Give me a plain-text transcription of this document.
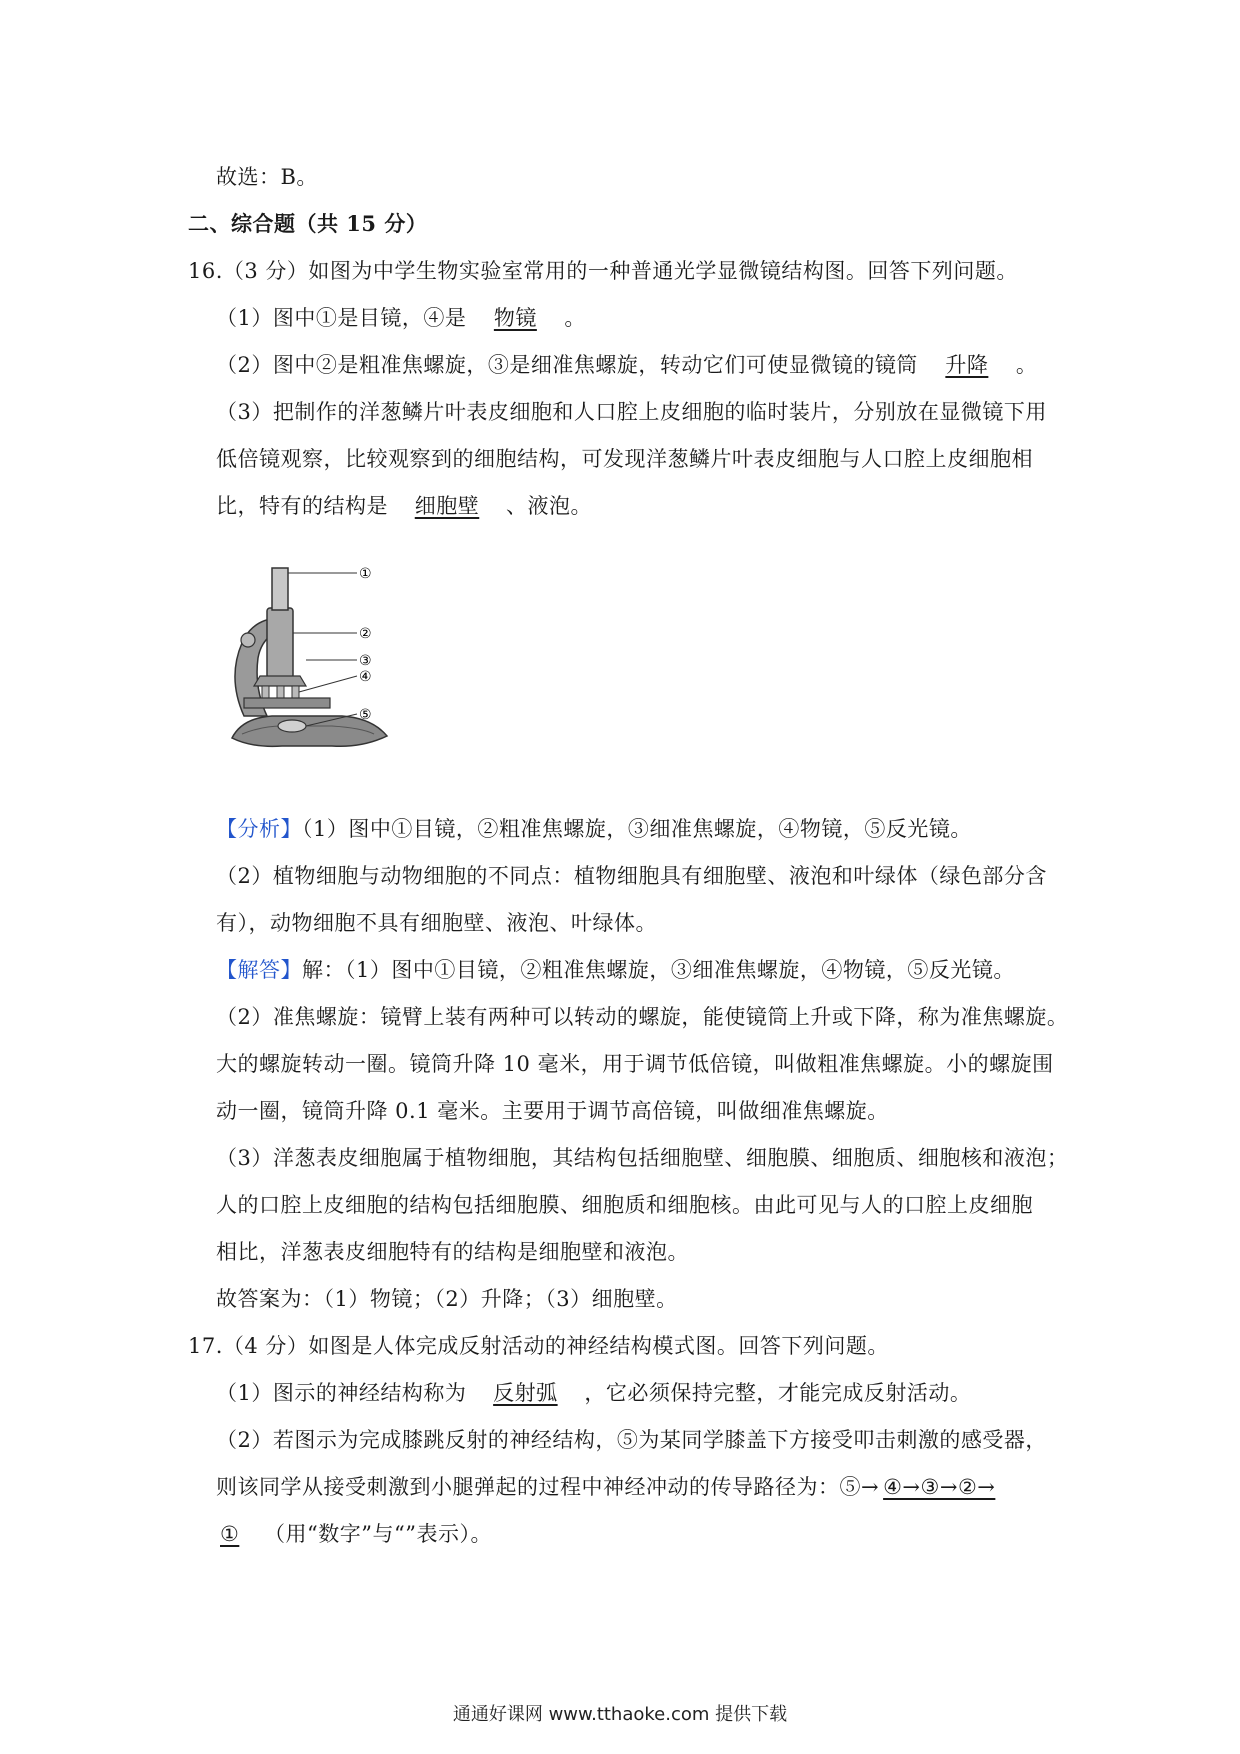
故选：B。
二、综合题（共 15 分）
16.（3 分）如图为中学生物实验室常用的一种普通光学显微镜结构图。回答下列问题。
（1）图中①是目镜，④是 物镜 。
（2）图中②是粗准焦螺旋，③是细准焦螺旋，转动它们可使显微镜的镜筒 升降 。
（3）把制作的洋葱鳞片叶表皮细胞和人口腔上皮细胞的临时装片，分别放在显微镜下用
低倍镜观察，比较观察到的细胞结构，可发现洋葱鳞片叶表皮细胞与人口腔上皮细胞相
比，特有的结构是 细胞壁 、液泡。
①
②
③
④
⑤
【分析】（1）图中①目镜，②粗准焦螺旋，③细准焦螺旋，④物镜，⑤反光镜。
（2）植物细胞与动物细胞的不同点：植物细胞具有细胞壁、液泡和叶绿体（绿色部分含
有），动物细胞不具有细胞壁、液泡、叶绿体。
【解答】解：（1）图中①目镜，②粗准焦螺旋，③细准焦螺旋，④物镜，⑤反光镜。
（2）准焦螺旋：镜臂上装有两种可以转动的螺旋，能使镜筒上升或下降，称为准焦螺旋。
大的螺旋转动一圈。镜筒升降 10 毫米，用于调节低倍镜，叫做粗准焦螺旋。小的螺旋围
动一圈，镜筒升降 0.1 毫米。主要用于调节高倍镜，叫做细准焦螺旋。
（3）洋葱表皮细胞属于植物细胞，其结构包括细胞壁、细胞膜、细胞质、细胞核和液泡；
人的口腔上皮细胞的结构包括细胞膜、细胞质和细胞核。由此可见与人的口腔上皮细胞
相比，洋葱表皮细胞特有的结构是细胞壁和液泡。
故答案为：（1）物镜；（2）升降；（3）细胞壁。
17.（4 分）如图是人体完成反射活动的神经结构模式图。回答下列问题。
（1）图示的神经结构称为 反射弧 ，它必须保持完整，才能完成反射活动。
（2）若图示为完成膝跳反射的神经结构，⑤为某同学膝盖下方接受叩击刺激的感受器，
则该同学从接受刺激到小腿弹起的过程中神经冲动的传导路径为：⑤→ ④→③→②→
① （用“数字”与“”表示）。
通通好课网 www.tthaoke.com 提供下载
